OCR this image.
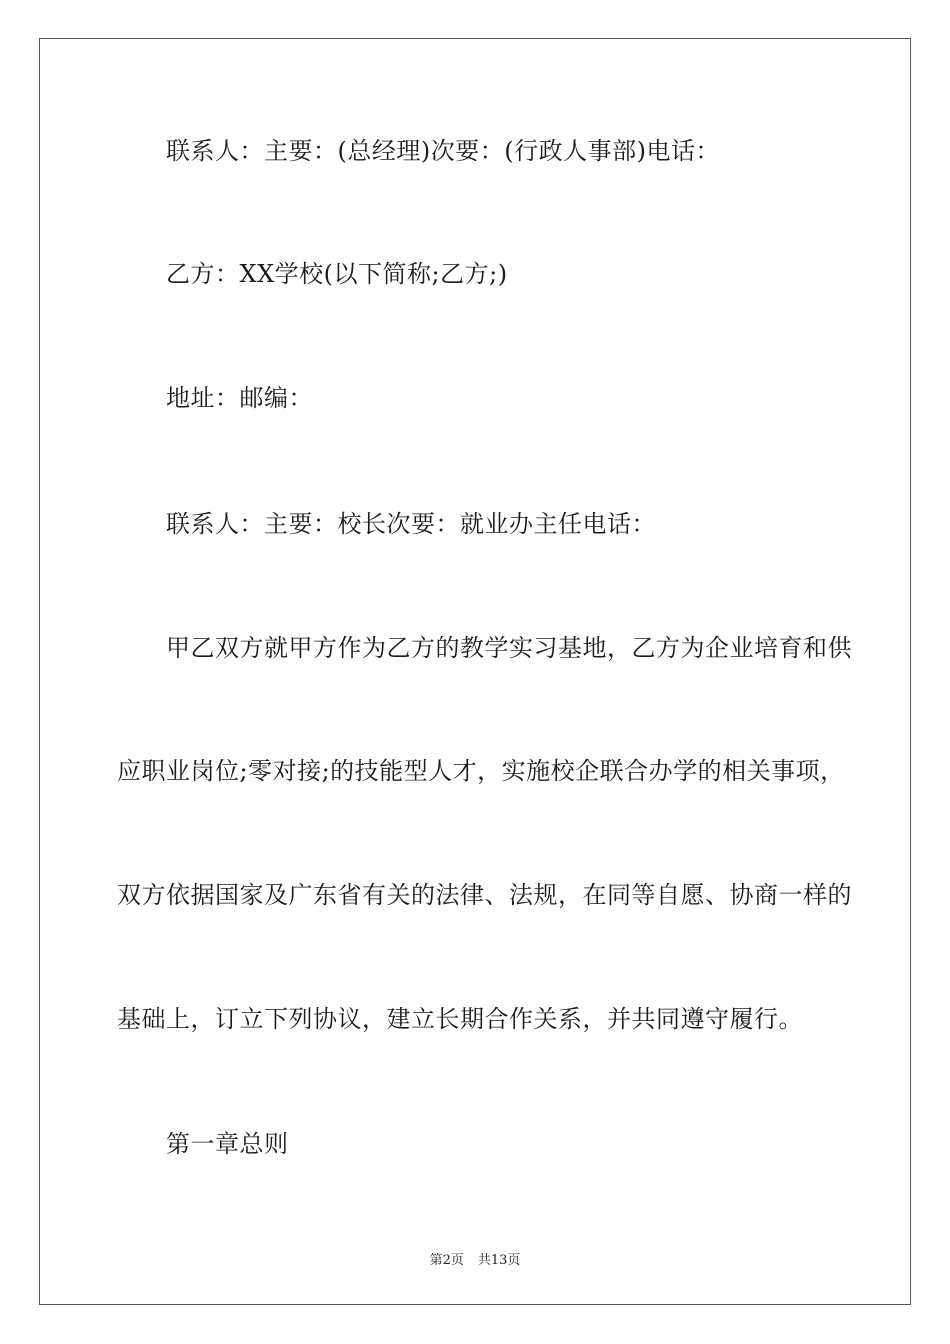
联系人：主要：(总经理)次要：(行政人事部)电话：

乙方：XX学校(以下简称;乙方;)

地址：邮编：

联系人：主要：校长次要：就业办主任电话：

甲乙双方就甲方作为乙方的教学实习基地，乙方为企业培育和供

应职业岗位;零对接;的技能型人才，实施校企联合办学的相关事项，

双方依据国家及广东省有关的法律、法规，在同等自愿、协商一样的

基础上，订立下列协议，建立长期合作关系，并共同遵守履行。

第一章总则

第2页 共13页
